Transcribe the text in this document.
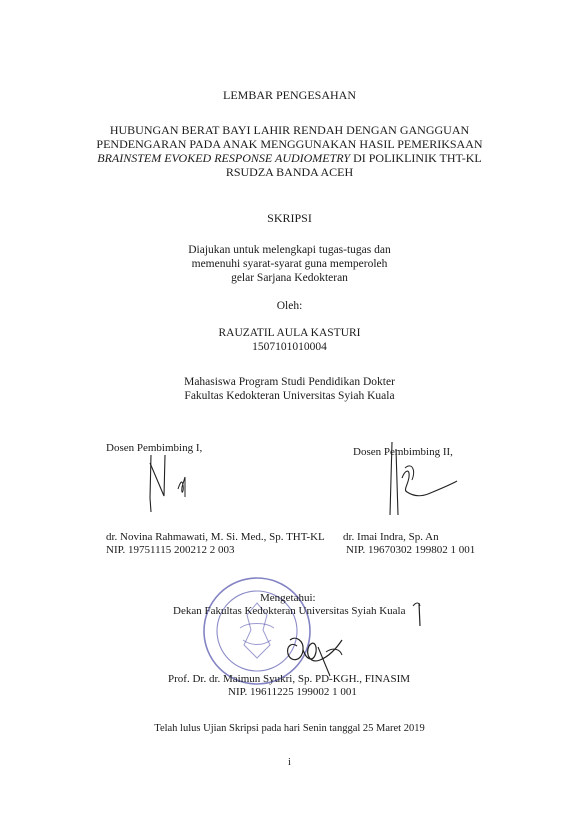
LEMBAR PENGESAHAN
HUBUNGAN BERAT BAYI LAHIR RENDAH DENGAN GANGGUAN
PENDENGARAN PADA ANAK MENGGUNAKAN HASIL PEMERIKSAAN
BRAINSTEM EVOKED RESPONSE AUDIOMETRY DI POLIKLINIK THT-KL
RSUDZA BANDA ACEH
SKRIPSI
Diajukan untuk melengkapi tugas-tugas dan
memenuhi syarat-syarat guna memperoleh
gelar Sarjana Kedokteran
Oleh:
RAUZATIL AULA KASTURI
1507101010004
Mahasiswa Program Studi Pendidikan Dokter
Fakultas Kedokteran Universitas Syiah Kuala
Dosen Pembimbing I,
dr. Novina Rahmawati, M. Si. Med., Sp. THT-KL
NIP. 19751115 200212 2 003
Dosen Pembimbing II,
dr. Imai Indra, Sp. An
NIP. 19670302 199802 1 001
Mengetahui:
Dekan Fakultas Kedokteran Universitas Syiah Kuala
Prof. Dr. dr. Maimun Syukri, Sp. PD-KGH., FINASIM
NIP. 19611225 199002 1 001
Telah lulus Ujian Skripsi pada hari Senin tanggal 25 Maret 2019
i
